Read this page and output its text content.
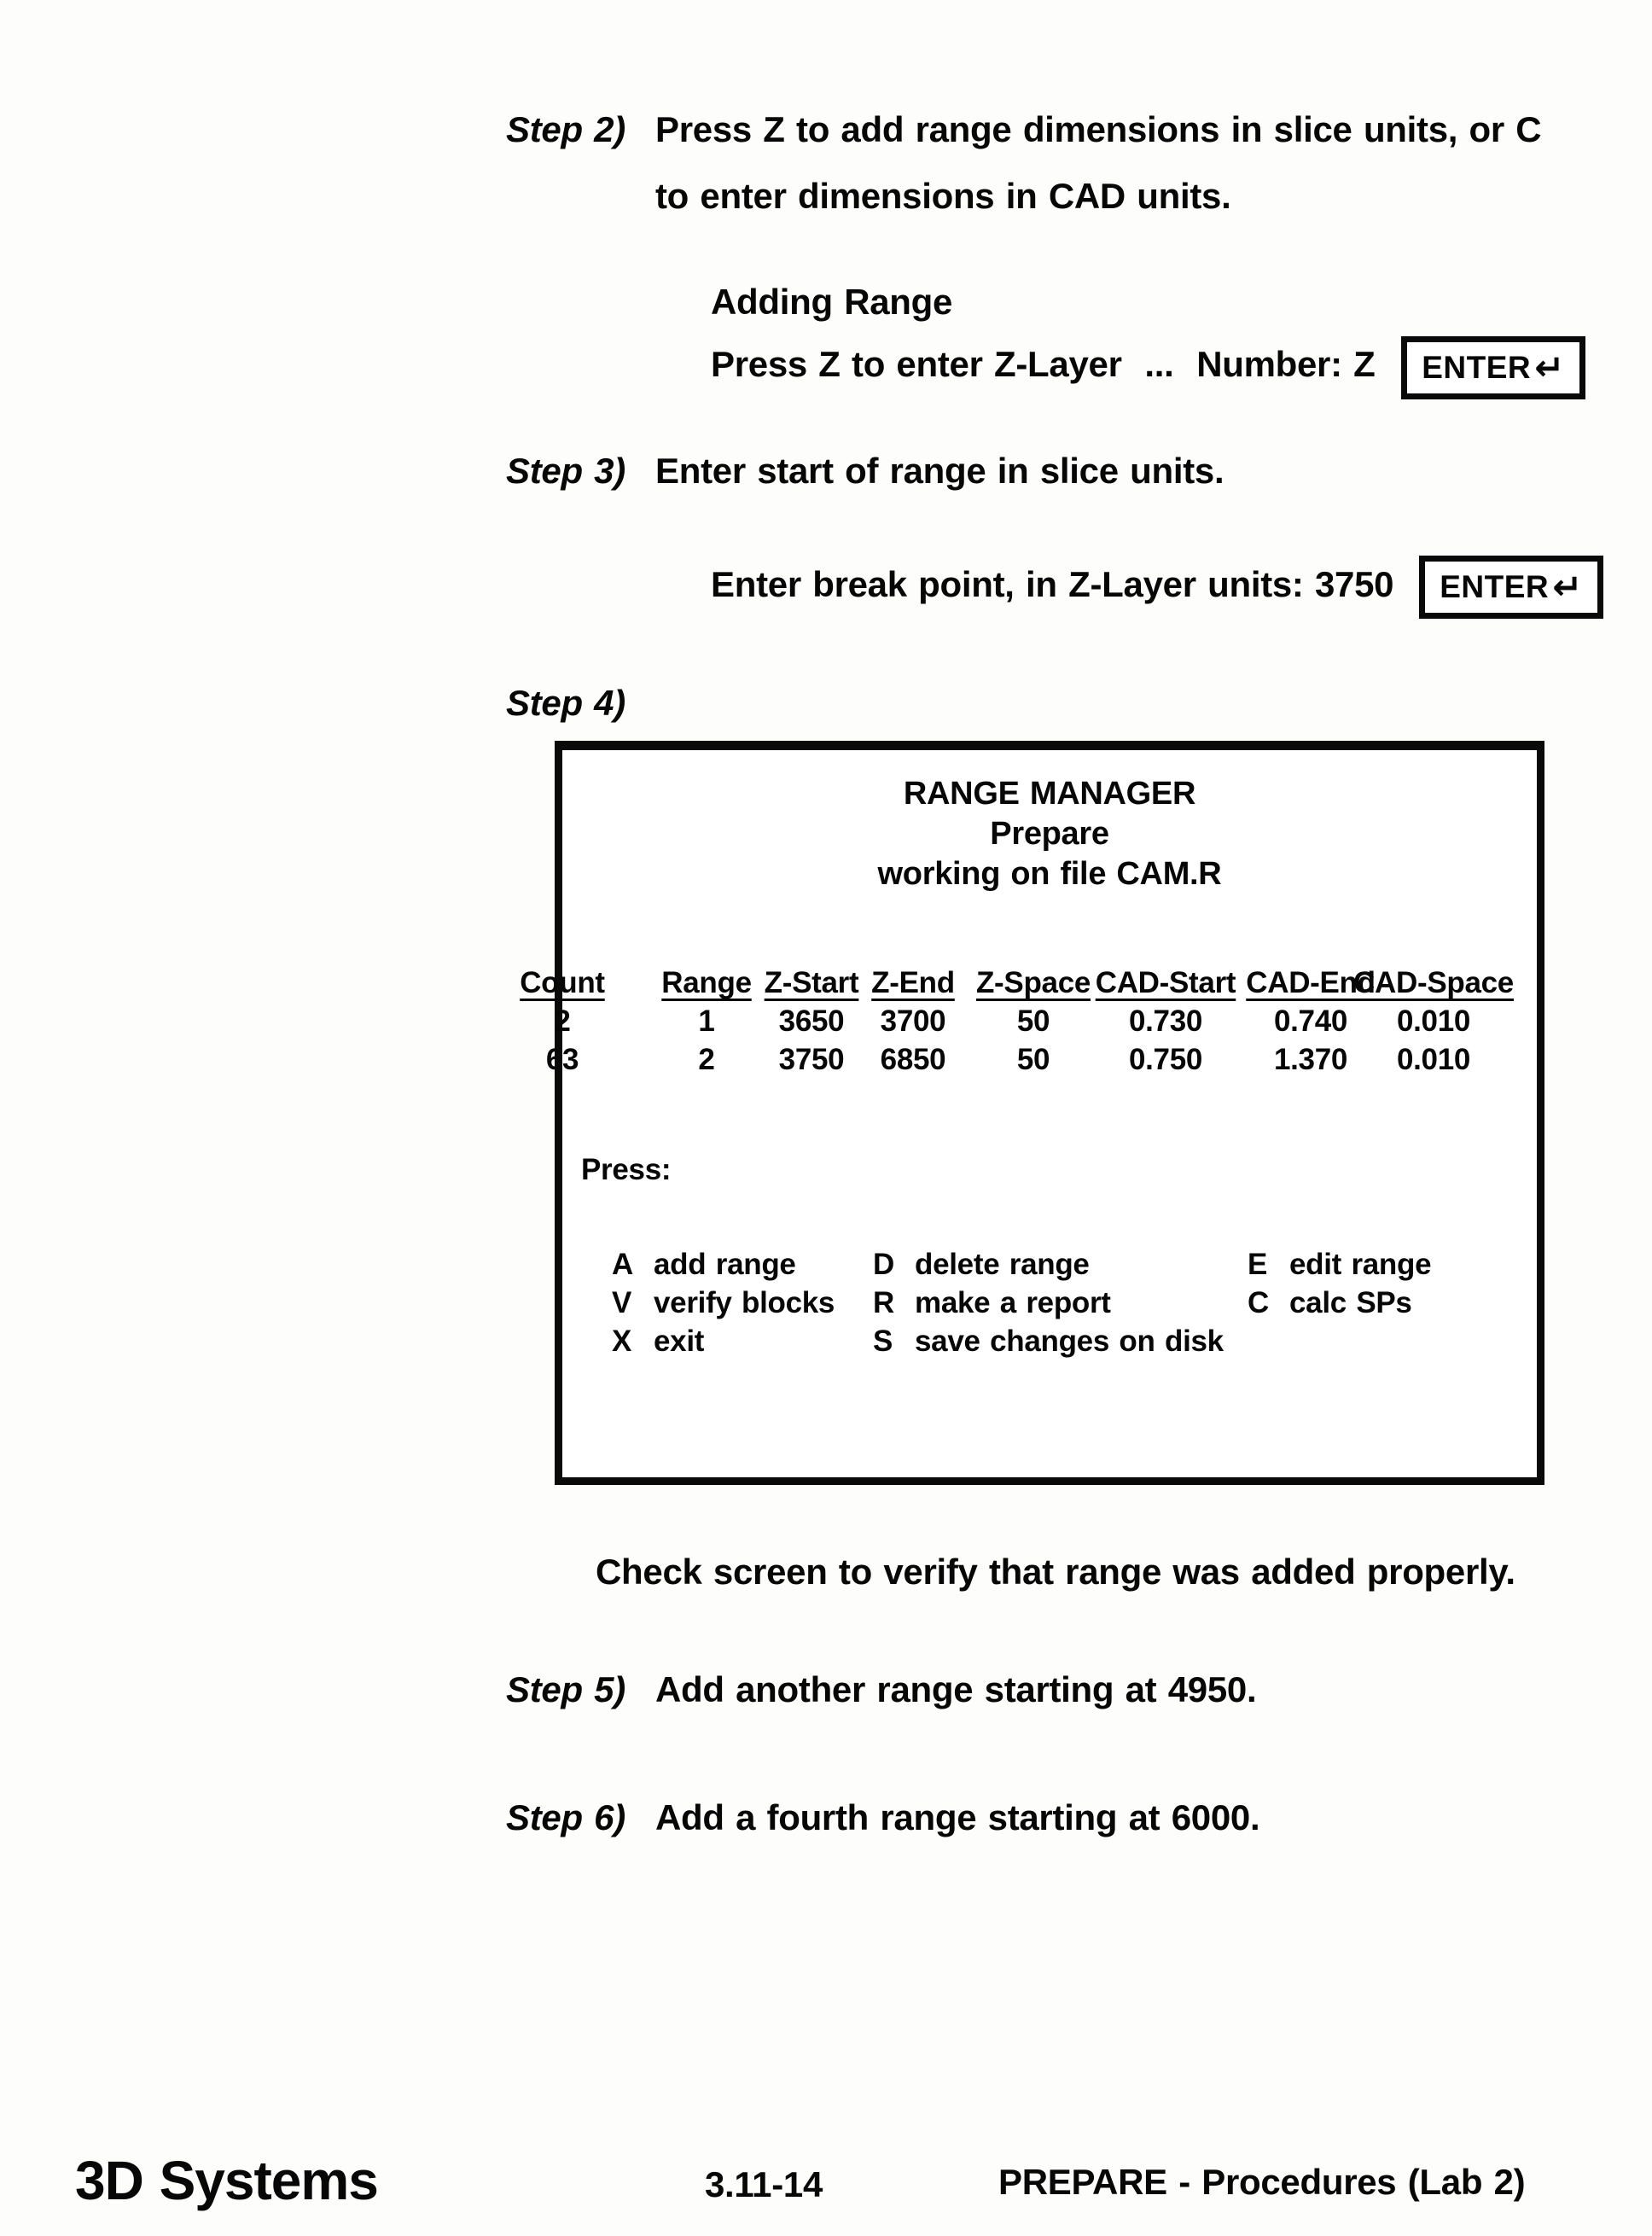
Step 2) Press Z to add range dimensions in slice units, or C
to enter dimensions in CAD units.
Adding Range
Press Z to enter Z-Layer  ...  Number: Z ENTER ↵
Step 3) Enter start of range in slice units.
Enter break point, in Z-Layer units: 3750 ENTER ↵
Step 4)
RANGE MANAGER
Prepare
working on file CAM.R
Range
1
2
Z-Start
3650
3750
Z-End
3700
6850
Z-Space
50
50
CAD-Start
0.730
0.750
CAD-End
0.740
1.370
CAD-Space
0.010
0.010
Count
2
63
Press:
A add range
V verify blocks
X exit
D delete range
R make a report
S save changes on disk
E edit range
C calc SPs
Check screen to verify that range was added properly.
Step 5) Add another range starting at 4950.
Step 6) Add a fourth range starting at 6000.
3D Systems	3.11-14	PREPARE - Procedures (Lab 2)
